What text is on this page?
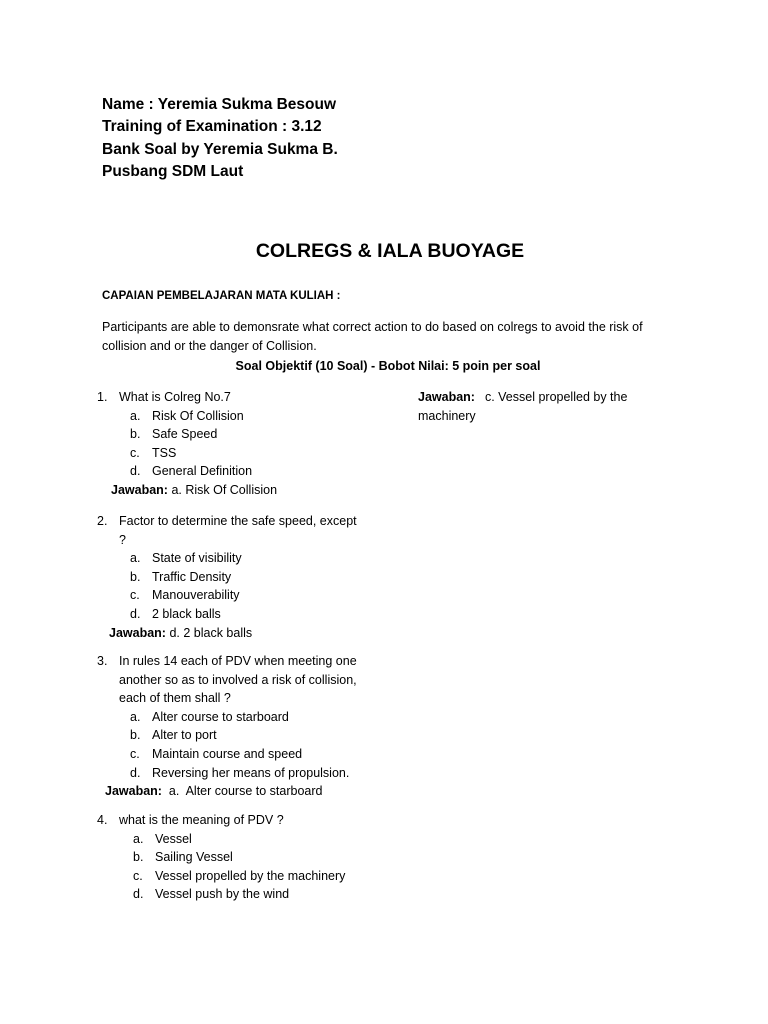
Name : Yeremia Sukma Besouw
Training of Examination : 3.12
Bank Soal by Yeremia Sukma B.
Pusbang SDM Laut
COLREGS & IALA BUOYAGE
CAPAIAN PEMBELAJARAN MATA KULIAH :
Participants are able to demonsrate what correct action to do based on colregs to avoid the risk of collision and or the danger of Collision.
Soal Objektif (10 Soal) - Bobot Nilai: 5 poin per soal
1. What is Colreg No.7
a. Risk Of Collision
b. Safe Speed
c. TSS
d. General Definition
Jawaban: a. Risk Of Collision
2. Factor to determine the safe speed, except ?
a. State of visibility
b. Traffic Density
c. Manouverability
d. 2 black balls
Jawaban: d. 2 black balls
3. In rules 14 each of PDV when meeting one another so as to involved a risk of collision, each of them shall ?
a. Alter course to starboard
b. Alter to port
c. Maintain course and speed
d. Reversing her means of propulsion.
Jawaban:  a.  Alter course to starboard
4. what is the meaning of PDV ?
a. Vessel
b. Sailing Vessel
c. Vessel propelled by the machinery
d. Vessel push by the wind
Jawaban: c. Vessel propelled by the machinery
